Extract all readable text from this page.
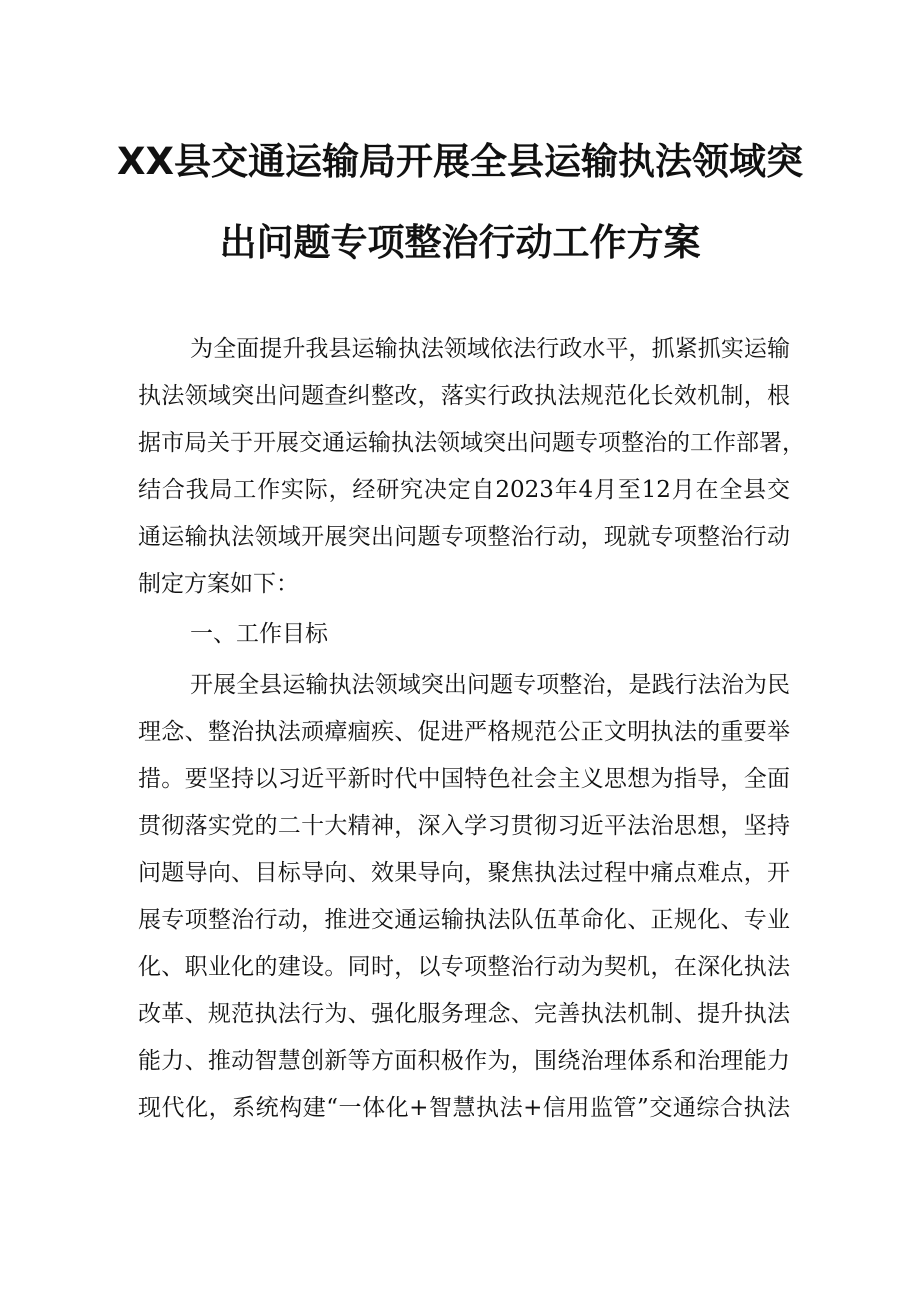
XX县交通运输局开展全县运输执法领域突
出问题专项整治行动工作方案
为全面提升我县运输执法领域依法行政水平，抓紧抓实运输
执法领域突出问题查纠整改，落实行政执法规范化长效机制，根
据市局关于开展交通运输执法领域突出问题专项整治的工作部署，
结合我局工作实际，经研究决定自2023年4月至12月在全县交
通运输执法领域开展突出问题专项整治行动，现就专项整治行动
制定方案如下：
一、工作目标
开展全县运输执法领域突出问题专项整治，是践行法治为民
理念、整治执法顽瘴痼疾、促进严格规范公正文明执法的重要举
措。要坚持以习近平新时代中国特色社会主义思想为指导，全面
贯彻落实党的二十大精神，深入学习贯彻习近平法治思想，坚持
问题导向、目标导向、效果导向，聚焦执法过程中痛点难点，开
展专项整治行动，推进交通运输执法队伍革命化、正规化、专业
化、职业化的建设。同时，以专项整治行动为契机，在深化执法
改革、规范执法行为、强化服务理念、完善执法机制、提升执法
能力、推动智慧创新等方面积极作为，围绕治理体系和治理能力
现代化，系统构建“一体化+智慧执法+信用监管”交通综合执法
